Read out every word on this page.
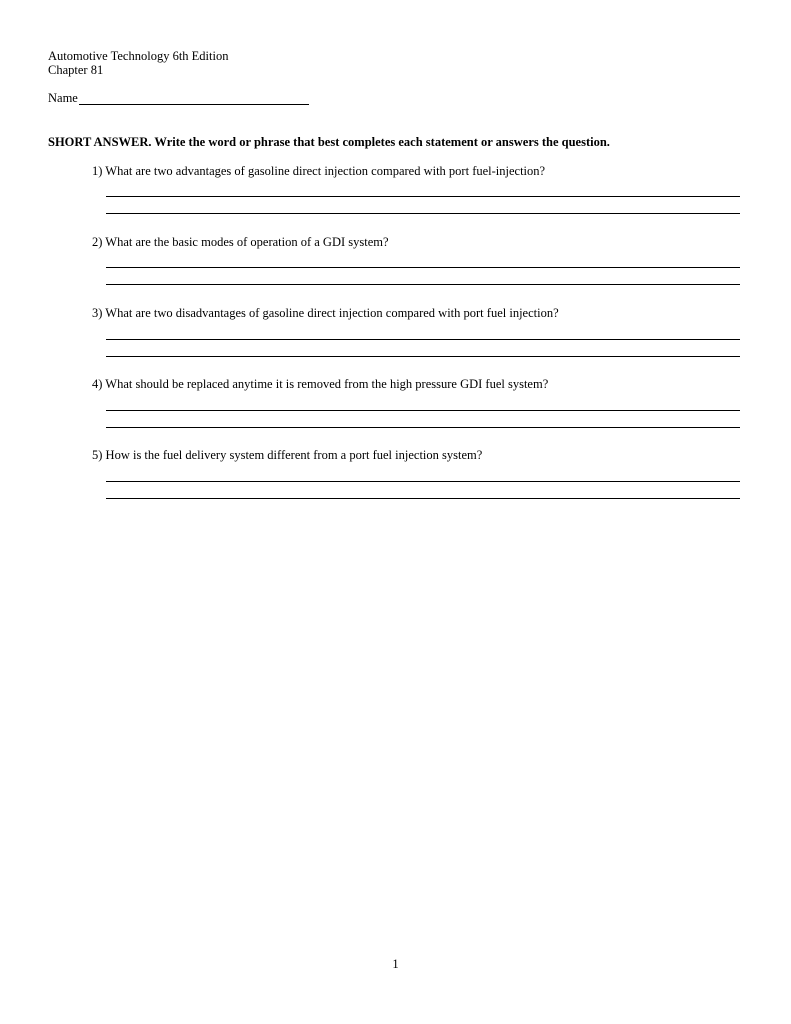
Automotive Technology 6th Edition
Chapter 81
Name
SHORT ANSWER. Write the word or phrase that best completes each statement or answers the question.
1) What are two advantages of gasoline direct injection compared with port fuel-injection?
2) What are the basic modes of operation of a GDI system?
3) What are two disadvantages of gasoline direct injection compared with port fuel injection?
4) What should be replaced anytime it is removed from the high pressure GDI fuel system?
5) How is the fuel delivery system different from a port fuel injection system?
1
